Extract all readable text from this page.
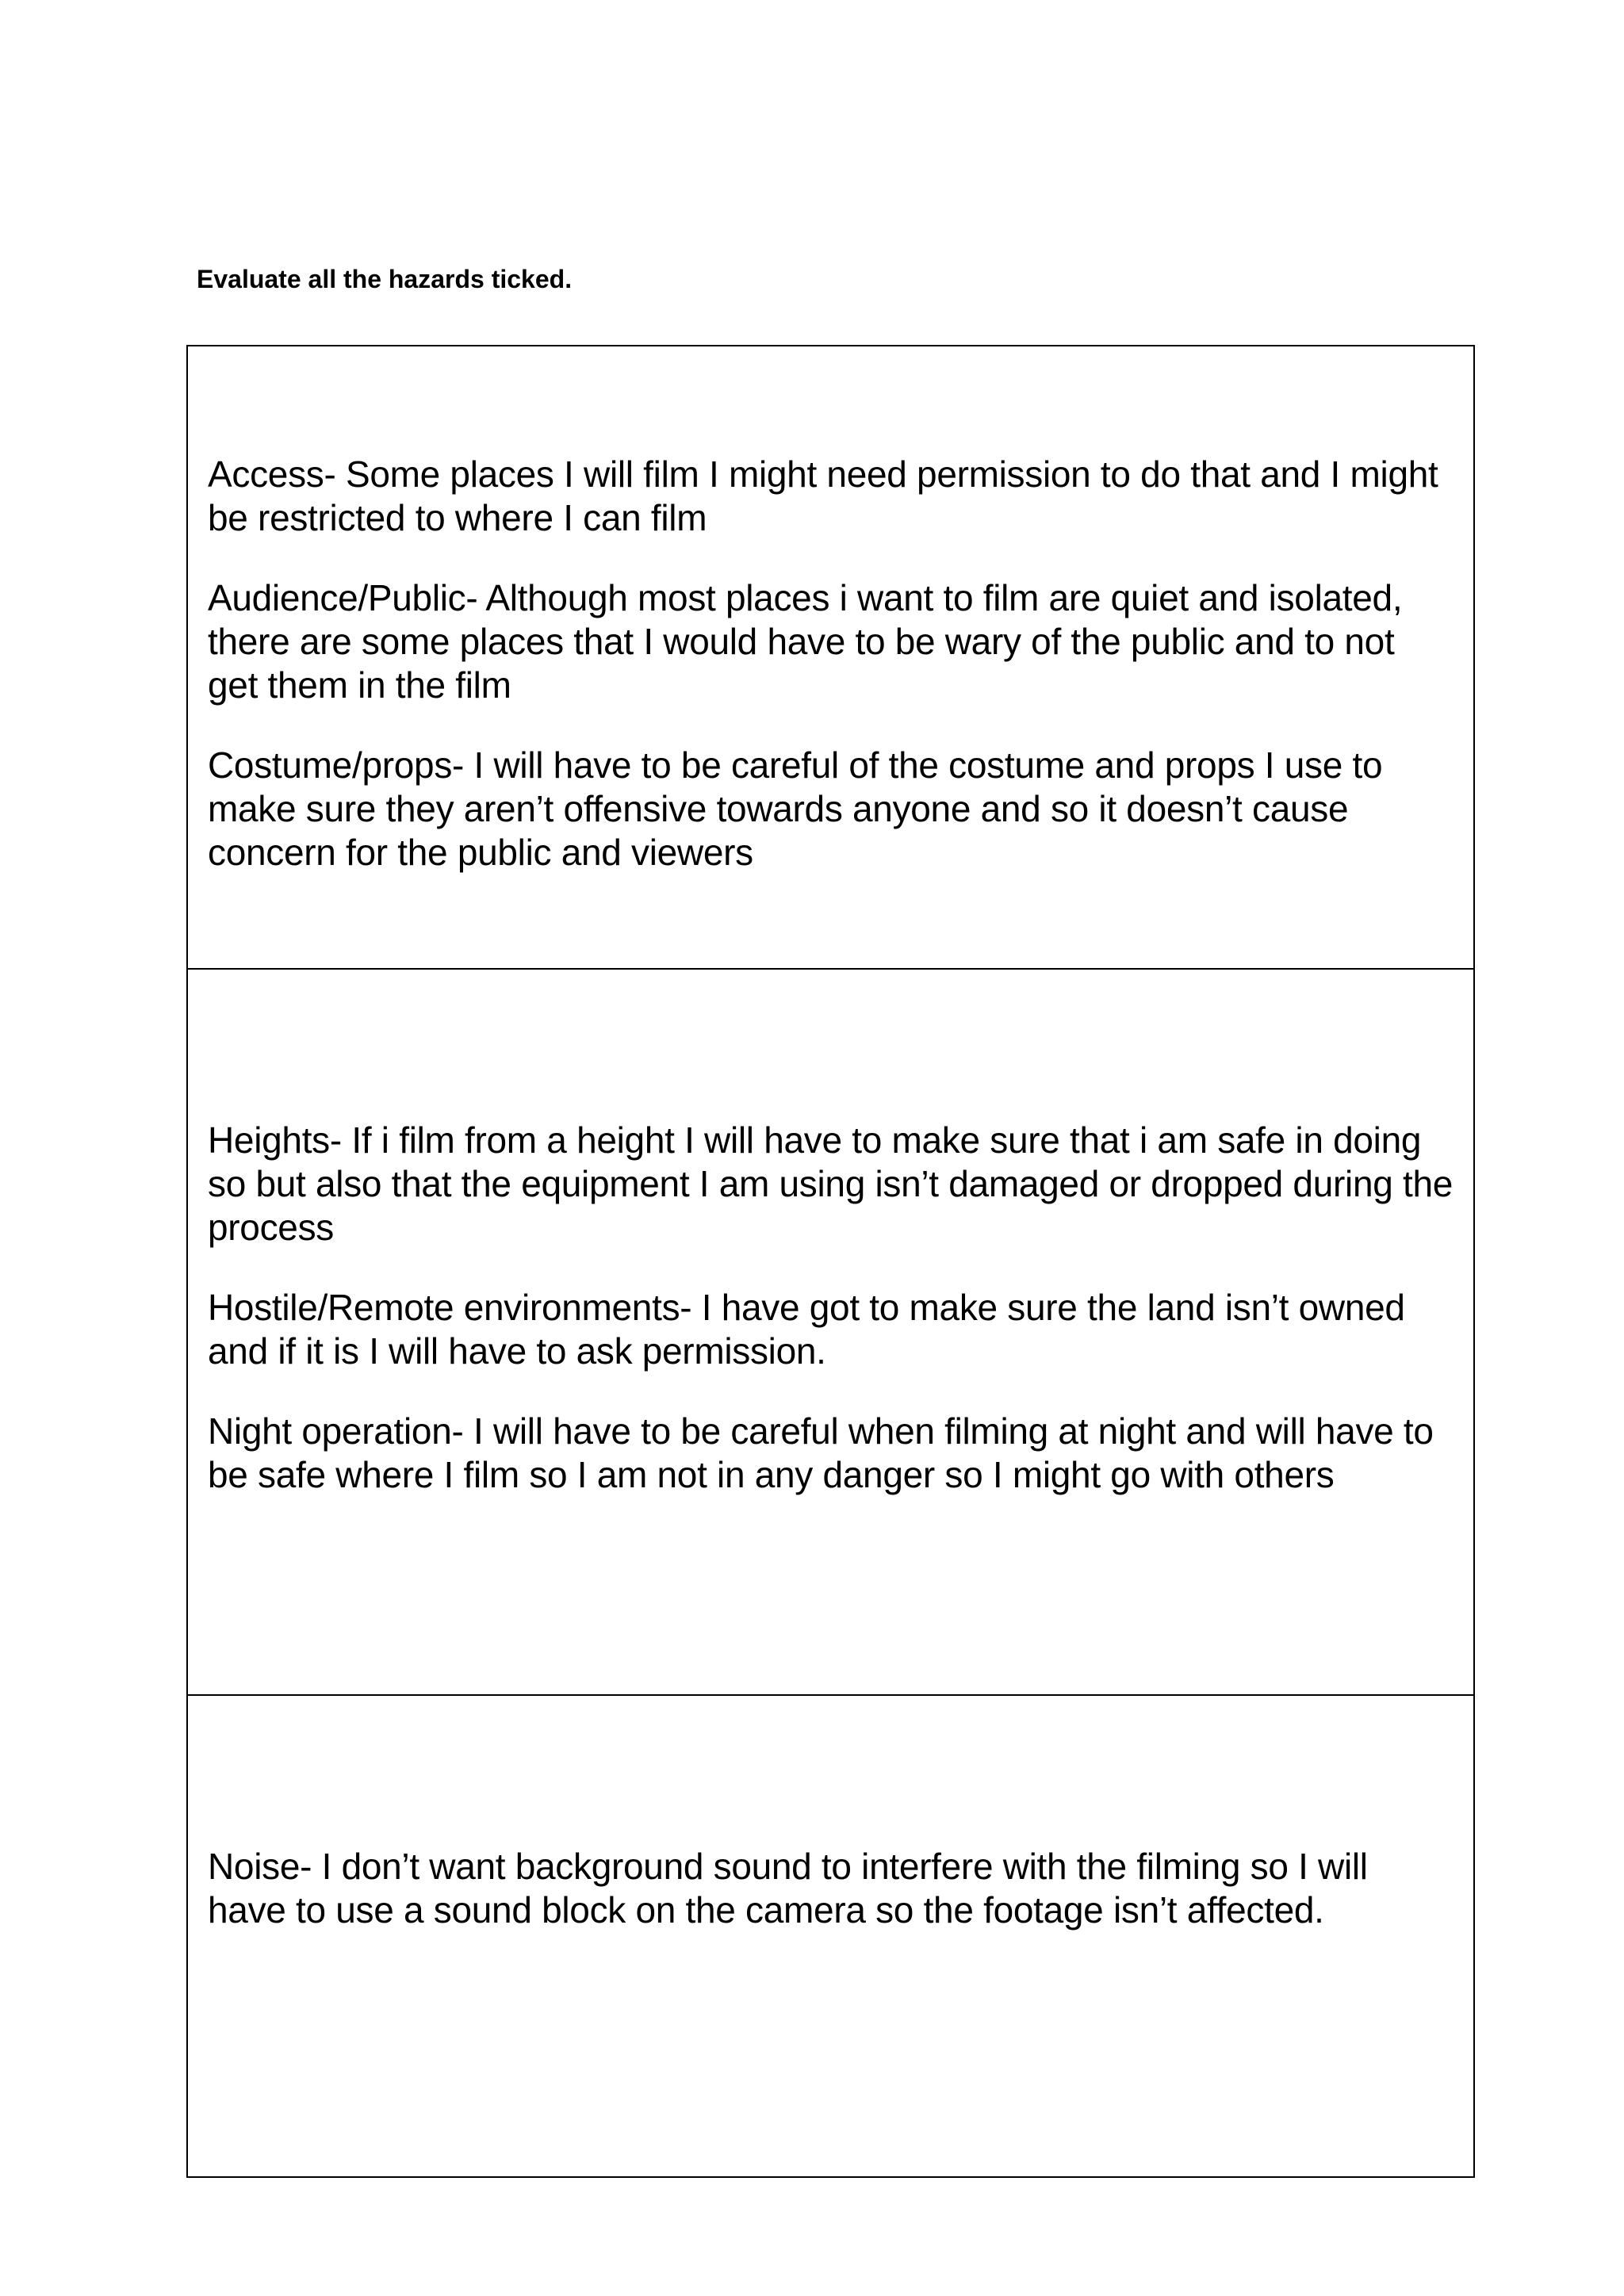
Evaluate all the hazards ticked.

Access- Some places I will film I might need permission to do that and I might be restricted to where I can film

Audience/Public- Although most places i want to film are quiet and isolated, there are some places that I would have to be wary of the public and to not get them in the film

Costume/props- I will have to be careful of the costume and props I use to make sure they aren’t offensive towards anyone and so it doesn’t cause concern for the public and viewers

Heights- If i film from a height I will have to make sure that i am safe in doing so but also that the equipment I am using isn’t damaged or dropped during the process

Hostile/Remote environments- I have got to make sure the land isn’t owned and if it is I will have to ask permission.

Night operation- I will have to be careful when filming at night and will have to be safe where I film so I am not in any danger so I might go with others

Noise- I don’t want background sound to interfere with the filming so I will have to use a sound block on the camera so the footage isn’t affected.
